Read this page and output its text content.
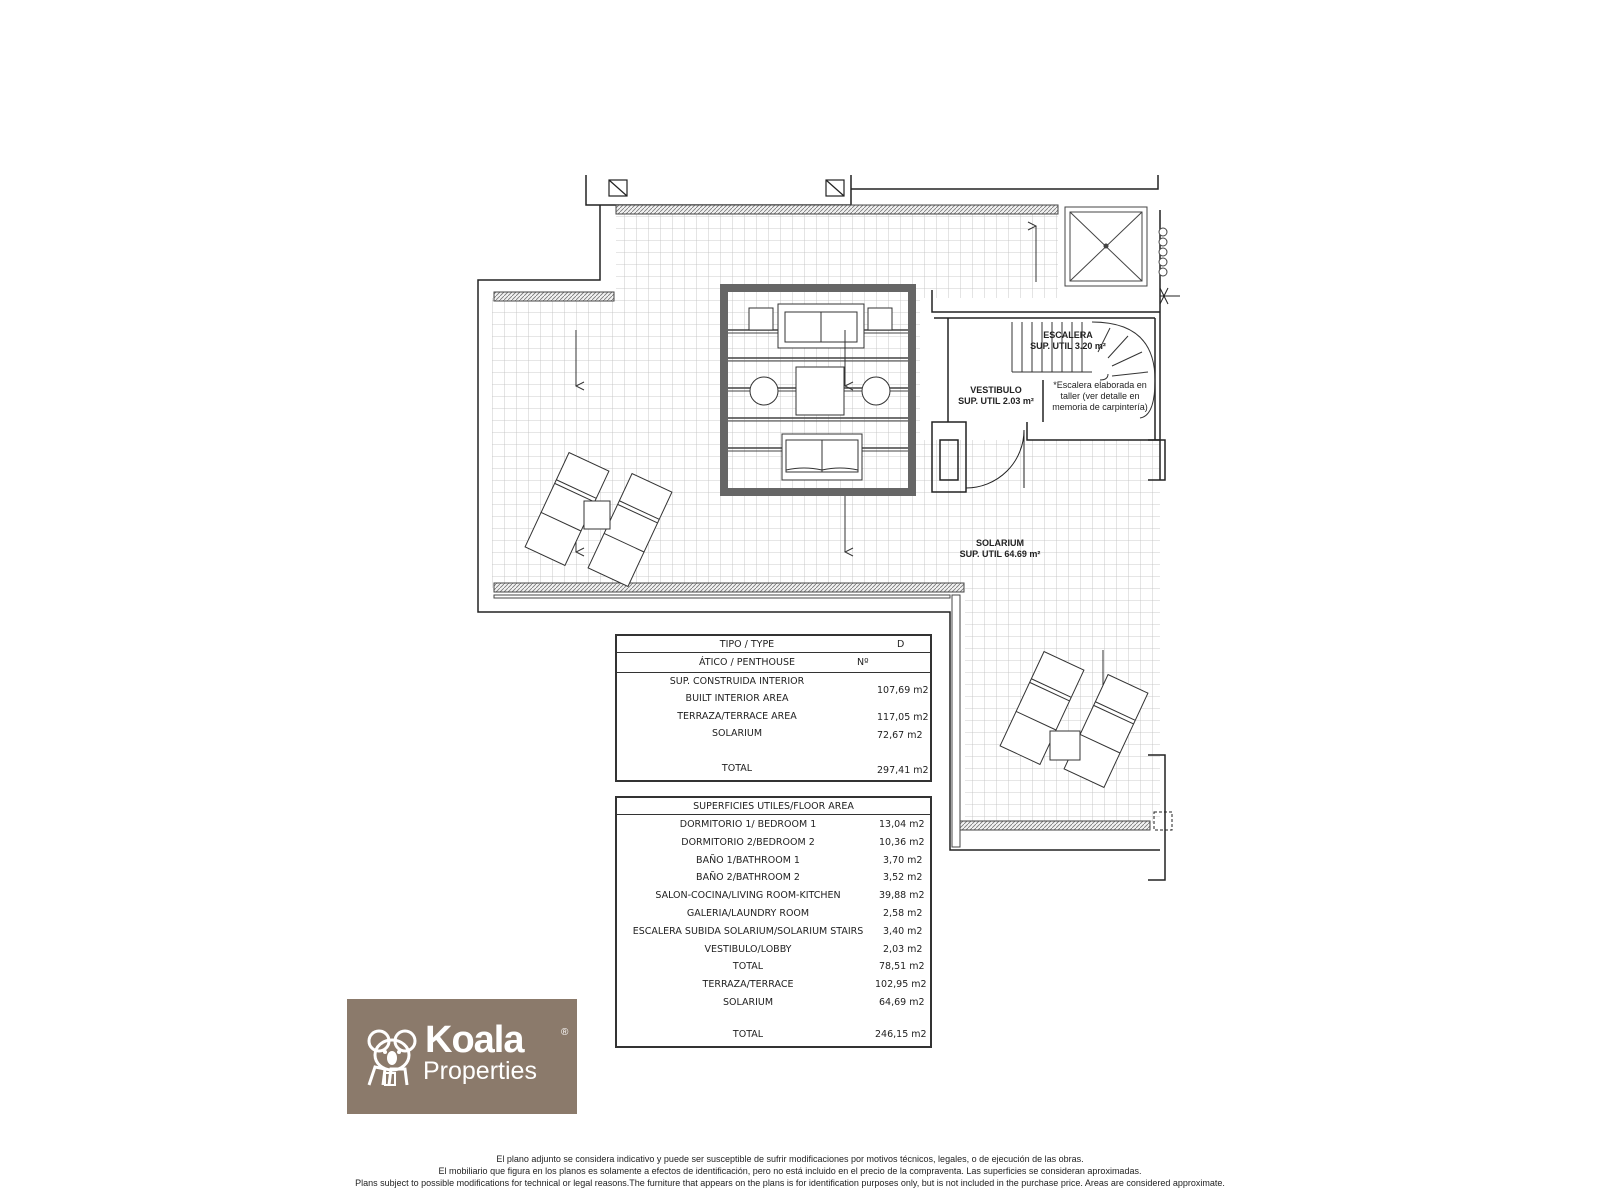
ESCALERA
SUP. UTIL 3.20 m²
VESTIBULO
SUP. UTIL 2.03 m²
*Escalera elaborada en
taller (ver detalle en
memoria de carpintería)
SOLARIUM
SUP. UTIL 64.69 m²
TIPO / TYPE	D
ÁTICO / PENTHOUSE	Nº
SUP. CONSTRUIDA INTERIOR
BUILT INTERIOR AREA
107,69 m2
TERRAZA/TERRACE AREA	117,05 m2
SOLARIUM	72,67 m2
TOTAL	297,41 m2
SUPERFICIES UTILES/FLOOR AREA
DORMITORIO 1/ BEDROOM 1	13,04 m2
DORMITORIO 2/BEDROOM 2	10,36 m2
BAÑO 1/BATHROOM 1	3,70 m2
BAÑO 2/BATHROOM 2	3,52 m2
SALON-COCINA/LIVING ROOM-KITCHEN	39,88 m2
GALERIA/LAUNDRY ROOM	2,58 m2
ESCALERA SUBIDA SOLARIUM/SOLARIUM STAIRS	3,40 m2
VESTIBULO/LOBBY	2,03 m2
TOTAL	78,51 m2
TERRAZA/TERRACE	102,95 m2
SOLARIUM	64,69 m2
TOTAL	246,15 m2
Koala	®
Properties
El plano adjunto se considera indicativo y puede ser susceptible de sufrir modificaciones por motivos técnicos, legales, o de ejecución de las obras.
El mobiliario que figura en los planos es solamente a efectos de identificación, pero no está incluido en el precio de la compraventa. Las superficies se consideran aproximadas.
Plans subject to possible modifications for technical or legal reasons.The furniture that appears on the plans is for identification purposes only, but is not included in the purchase price. Areas are considered approximate.
